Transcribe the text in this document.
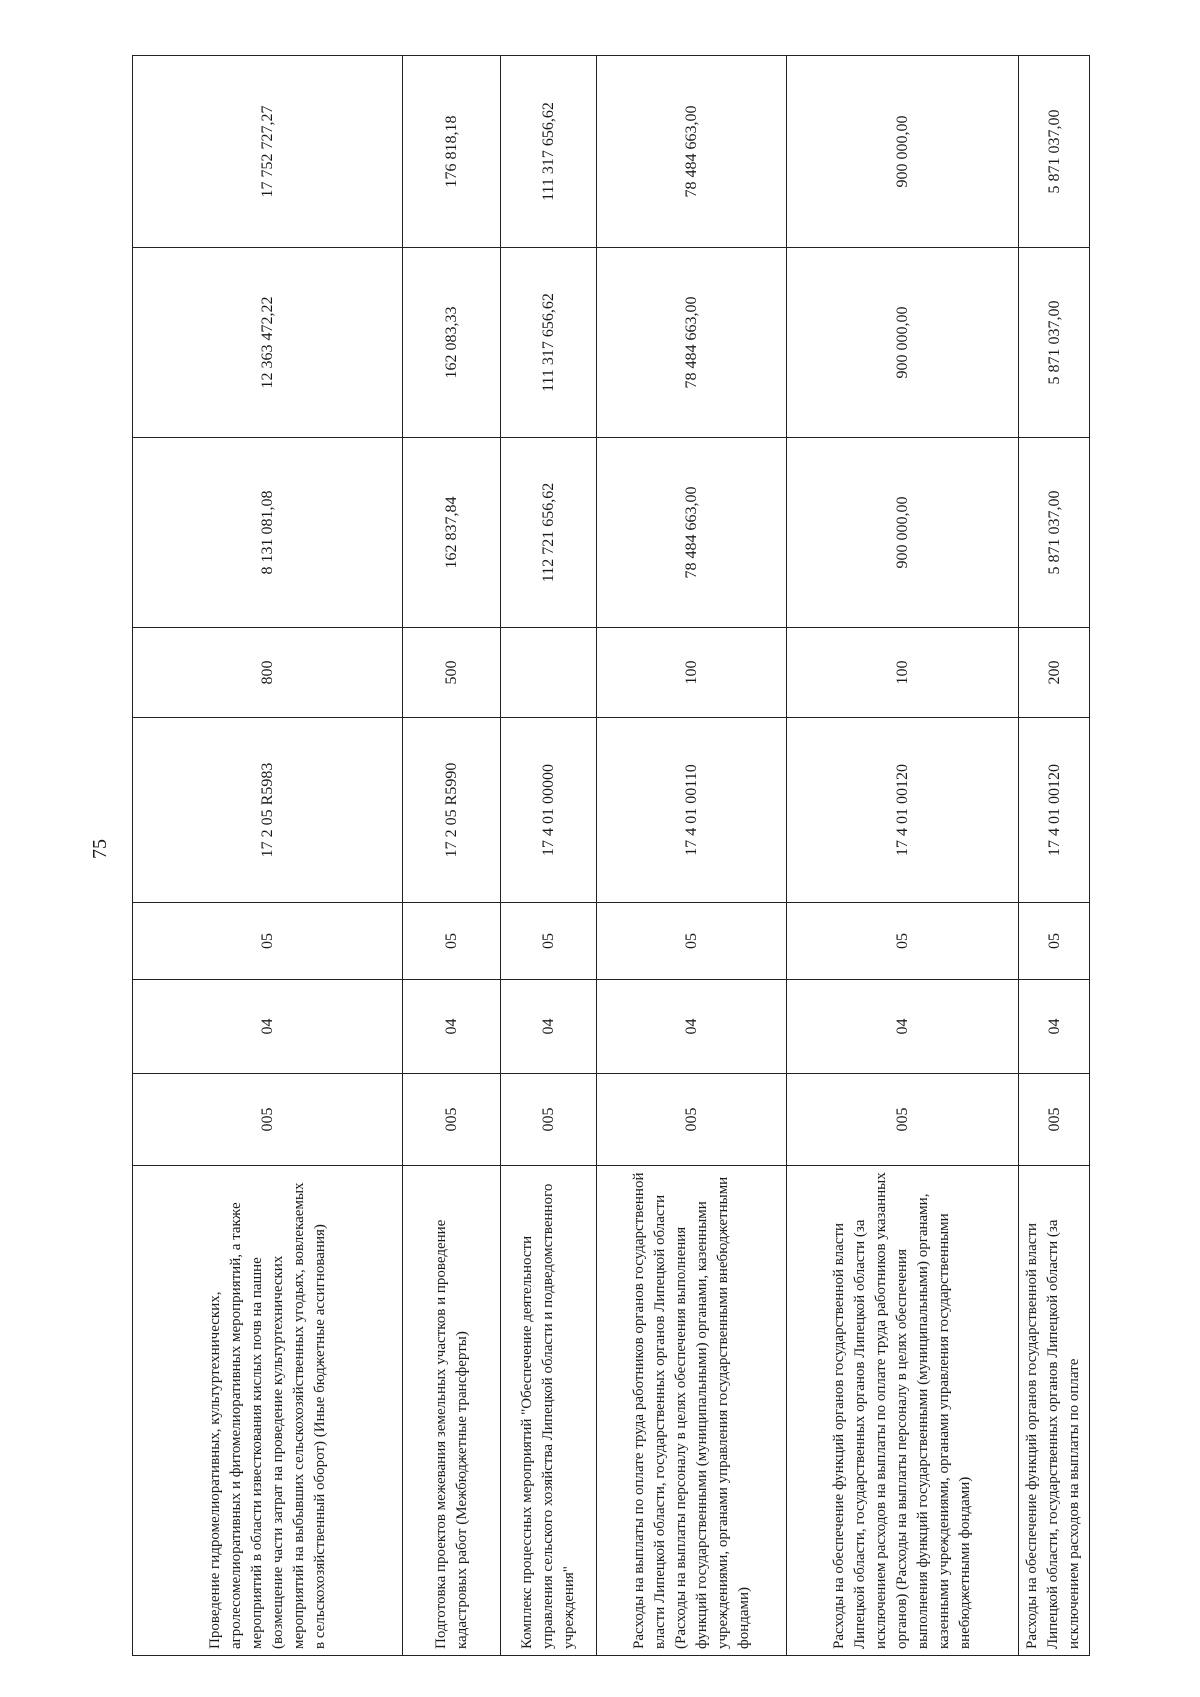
75
Проведение гидромелиоративных, культуртехнических, агролесомелиоративных и фитомелиоративных мероприятий, а также мероприятий в области известкования кислых почв на пашне (возмещение части затрат на проведение культуртехнических мероприятий на выбывших сельскохозяйственных угодьях, вовлекаемых в сельскохозяйственный оборот) (Иные бюджетные ассигнования)	005	04	05	17 2 05 R5983	800	8 131 081,08	12 363 472,22	17 752 727,27
Подготовка проектов межевания земельных участков и проведение кадастровых работ (Межбюджетные трансферты)	005	04	05	17 2 05 R5990	500	162 837,84	162 083,33	176 818,18
Комплекс процессных мероприятий "Обеспечение деятельности управления сельского хозяйства Липецкой области и подведомственного учреждения"	005	04	05	17 4 01 00000		112 721 656,62	111 317 656,62	111 317 656,62
Расходы на выплаты по оплате труда работников органов государственной власти Липецкой области, государственных органов Липецкой области (Расходы на выплаты персоналу в целях обеспечения выполнения функций государственными (муниципальными) органами, казенными учреждениями, органами управления государственными внебюджетными фондами)	005	04	05	17 4 01 00110	100	78 484 663,00	78 484 663,00	78 484 663,00
Расходы на обеспечение функций органов государственной власти Липецкой области, государственных органов Липецкой области (за исключением расходов на выплаты по оплате труда работников указанных органов) (Расходы на выплаты персоналу в целях обеспечения выполнения функций государственными (муниципальными) органами, казенными учреждениями, органами управления государственными внебюджетными фондами)	005	04	05	17 4 01 00120	100	900 000,00	900 000,00	900 000,00

Расходы на обеспечение функций органов государственной власти Липецкой области, государственных органов Липецкой области (за исключением расходов на выплаты по оплате	005	04	05	17 4 01 00120	200	5 871 037,00	5 871 037,00	5 871 037,00
